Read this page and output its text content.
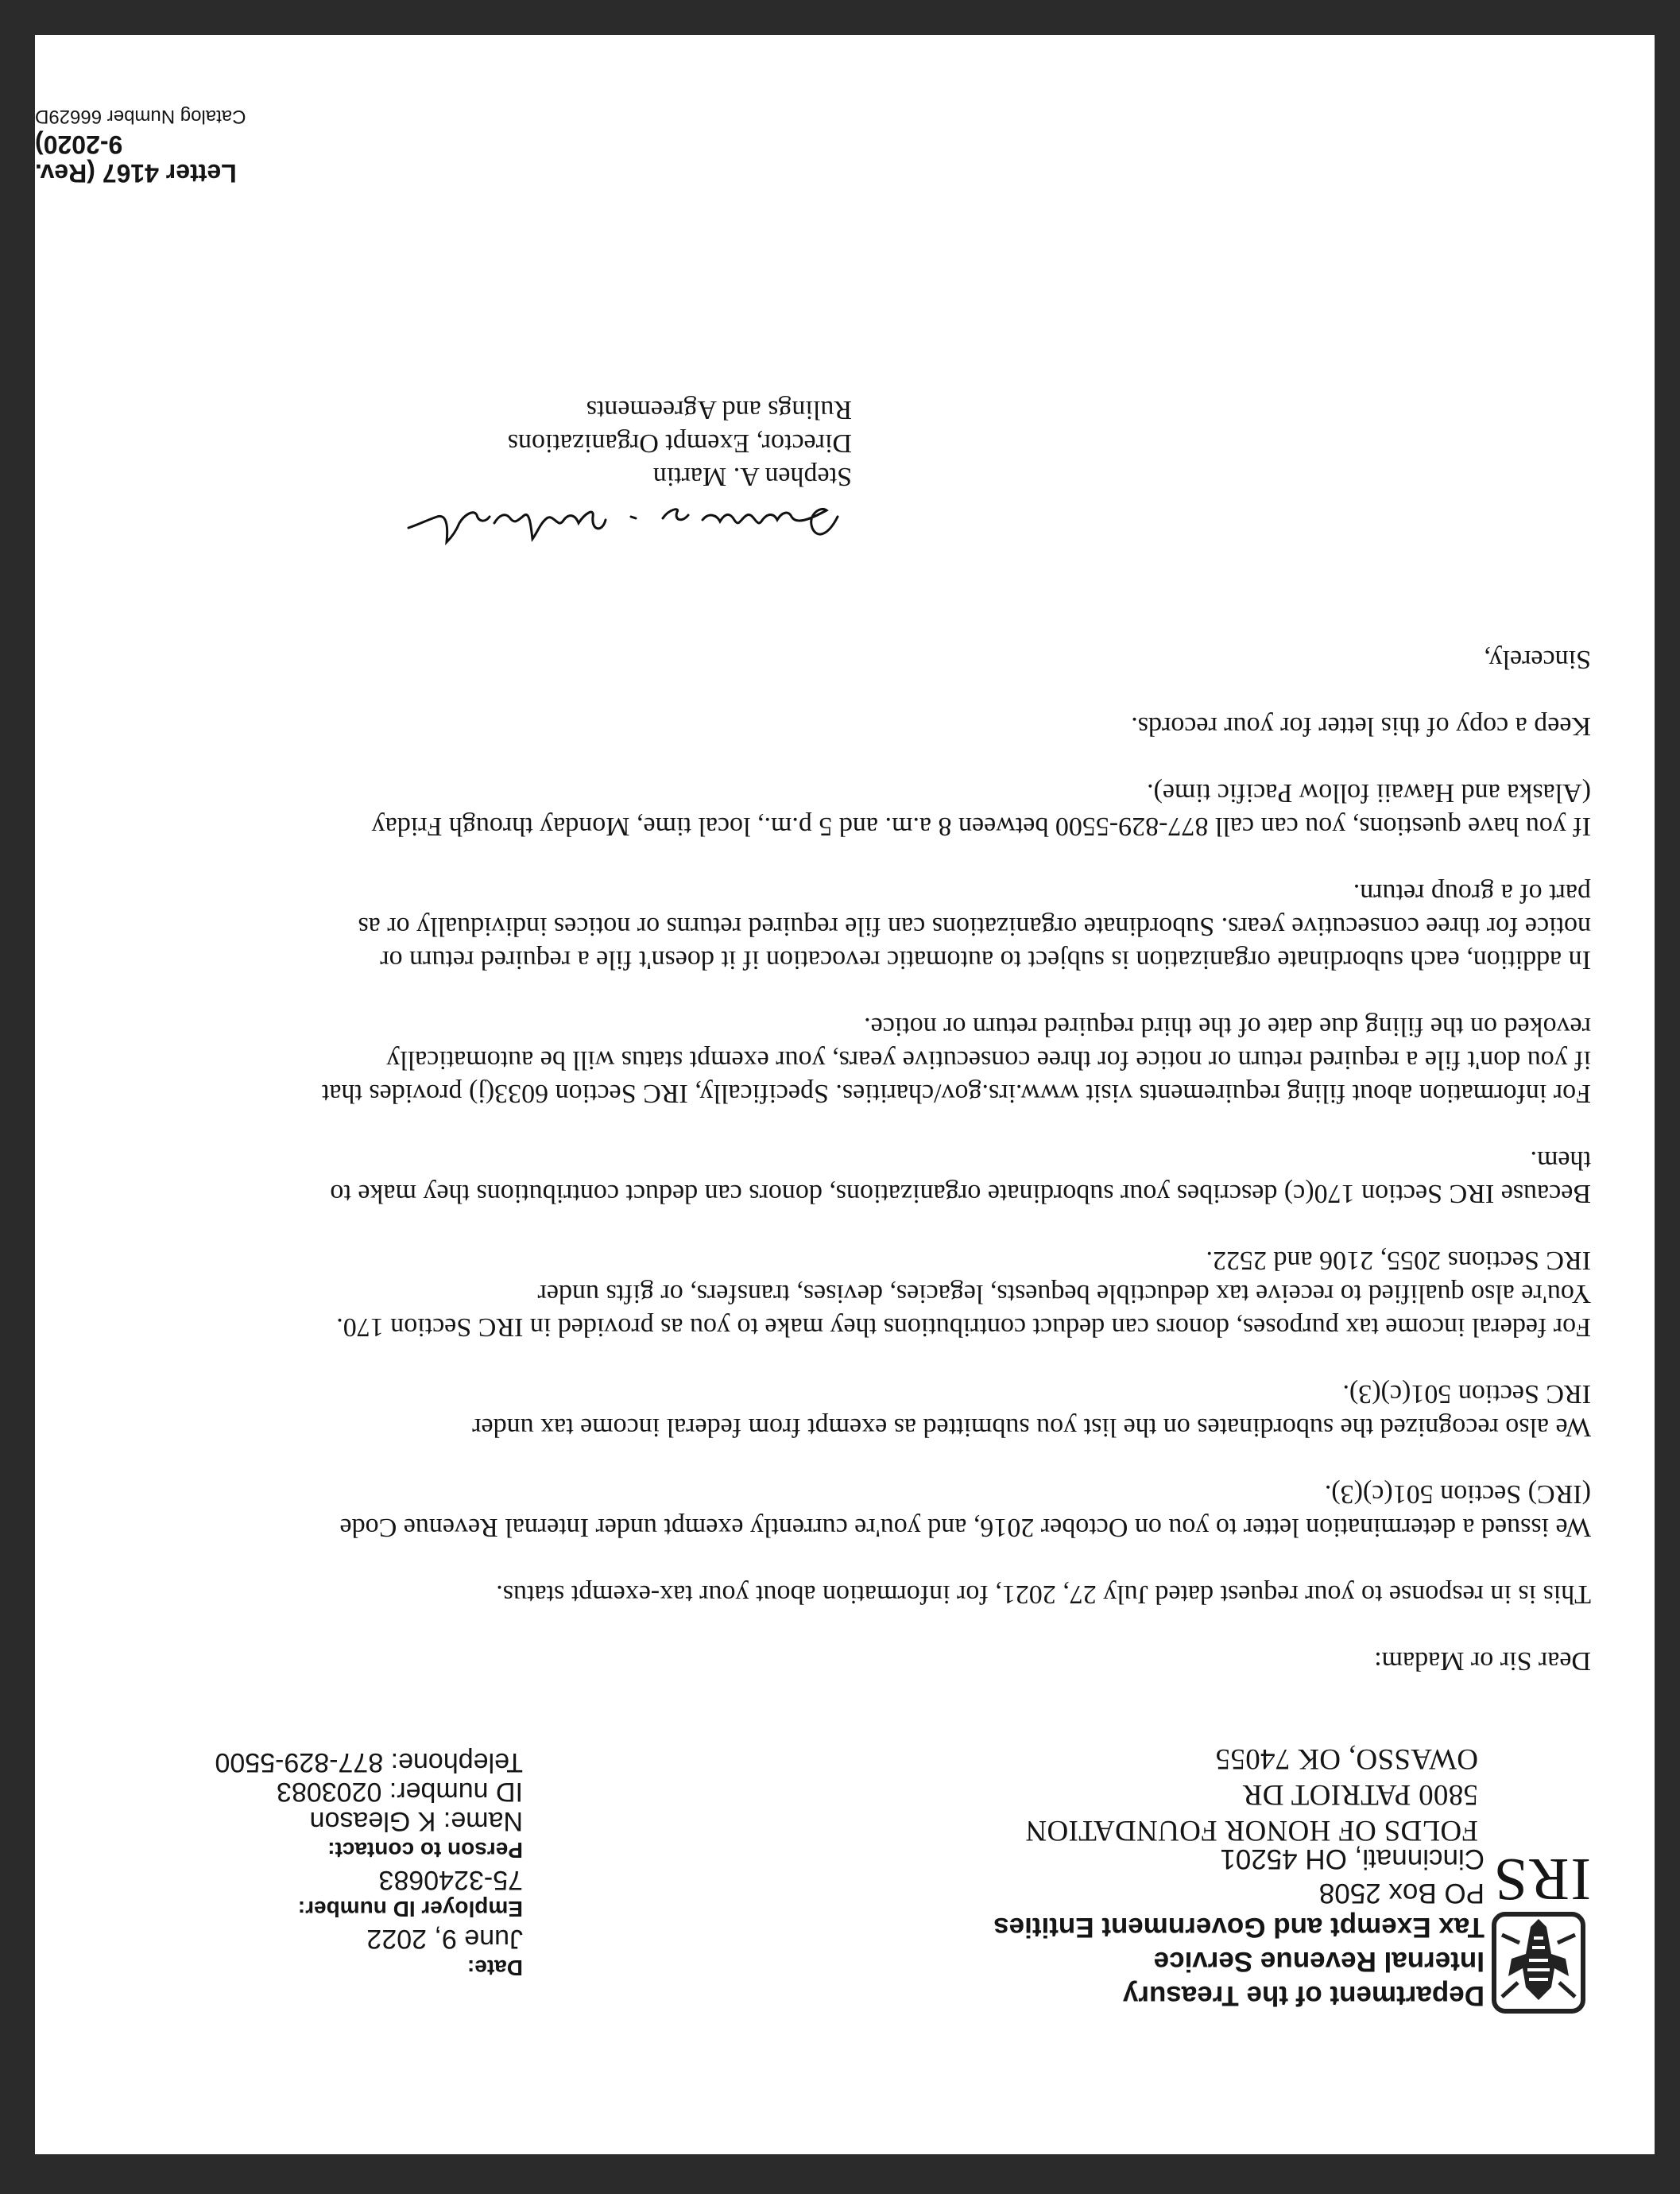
IRS
Department of the Treasury
Internal Revenue Service
Tax Exempt and Government Entities
PO Box 2508
Cincinnati, OH 45201
Date:
June 9, 2022
Employer ID number:
75-3240683
Person to contact:
Name: K Gleason
ID number: 0203083
Telephone: 877-829-5500
FOLDS OF HONOR FOUNDATION
5800 PATRIOT DR
OWASSO, OK 74055

Dear Sir or Madam:

This is in response to your request dated July 27, 2021, for information about your tax-exempt status.

We issued a determination letter to you on October 2016, and you're currently exempt under Internal Revenue Code

(IRC) Section 501(c)(3).

We also recognized the subordinates on the list you submitted as exempt from federal income tax under

IRC Section 501(c)(3).

For federal income tax purposes, donors can deduct contributions they make to you as provided in IRC Section 170.

You're also qualified to receive tax deductible bequests, legacies, devises, transfers, or gifts under

IRC Sections 2055, 2106 and 2522.

Because IRC Section 170(c) describes your subordinate organizations, donors can deduct contributions they make to

them.

For information about filing requirements visit www.irs.gov/charities. Specifically, IRC Section 6033(j) provides that

if you don't file a required return or notice for three consecutive years, your exempt status will be automatically

revoked on the filing due date of the third required return or notice.

In addition, each subordinate organization is subject to automatic revocation if it doesn't file a required return or

notice for three consecutive years. Subordinate organizations can file required returns or notices individually or as

part of a group return.

If you have questions, you can call 877-829-5500 between 8 a.m. and 5 p.m., local time, Monday through Friday

(Alaska and Hawaii follow Pacific time).

Keep a copy of this letter for your records.

Sincerely,

Stephen A. Martin
Director, Exempt Organizations
Rulings and Agreements
Letter 4167 (Rev. 9-2020)
Catalog Number 66629D
